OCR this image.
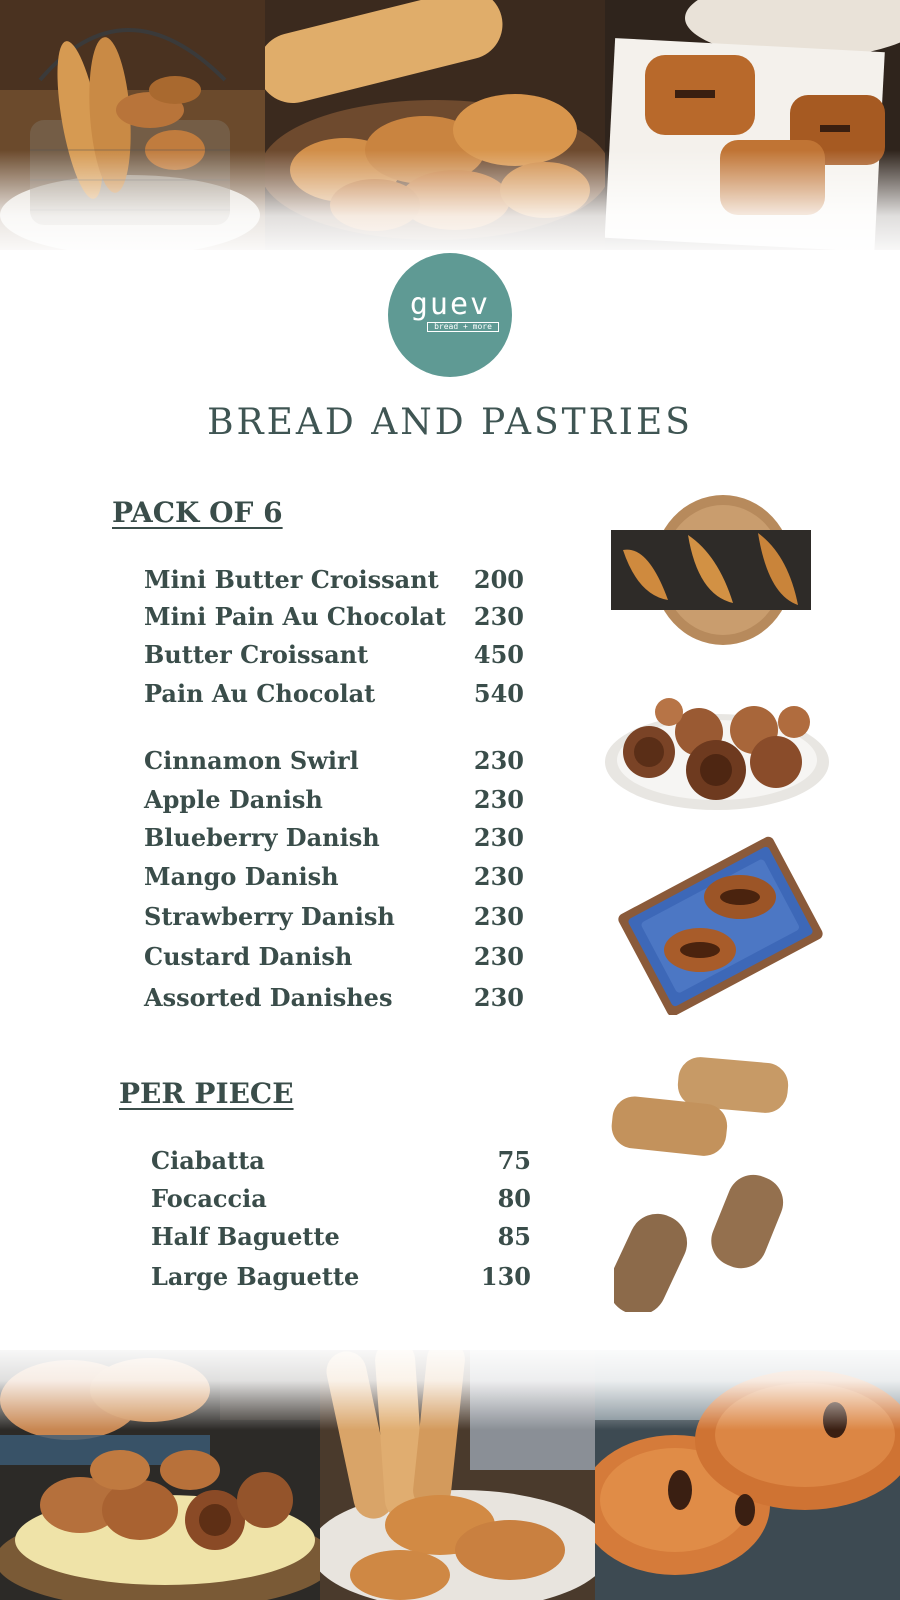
guev
bread + more
BREAD AND PASTRIES
PACK OF 6
Mini Butter Croissant	200
Mini Pain Au Chocolat	230
Butter Croissant	450
Pain Au Chocolat	540
Cinnamon Swirl	230
Apple Danish	230
Blueberry Danish	230
Mango Danish	230
Strawberry Danish	230
Custard Danish	230
Assorted Danishes	230
PER PIECE
Ciabatta	75
Focaccia	80
Half Baguette	85
Large Baguette	130
